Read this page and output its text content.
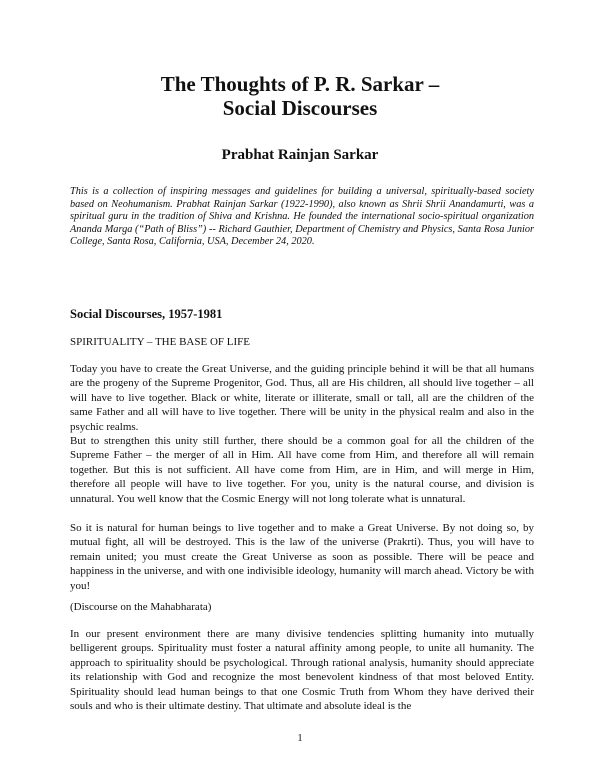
The Thoughts of P. R. Sarkar –
Social Discourses

Prabhat Rainjan Sarkar

This is a collection of inspiring messages and guidelines for building a universal, spiritually-based society based on Neohumanism. Prabhat Rainjan Sarkar (1922-1990), also known as Shrii Shrii Anandamurti, was a spiritual guru in the tradition of Shiva and Krishna. He founded the international socio-spiritual organization Ananda Marga (“Path of Bliss”) -- Richard Gauthier, Department of Chemistry and Physics, Santa Rosa Junior College, Santa Rosa, California, USA, December 24, 2020.

Social Discourses, 1957-1981

SPIRITUALITY – THE BASE OF LIFE

Today you have to create the Great Universe, and the guiding principle behind it will be that all humans are the progeny of the Supreme Progenitor, God. Thus, all are His children, all should live together – all will have to live together. Black or white, literate or illiterate, small or tall, all are the children of the same Father and all will have to live together. There will be unity in the physical realm and also in the psychic realms.

But to strengthen this unity still further, there should be a common goal for all the children of the Supreme Father – the merger of all in Him. All have come from Him, and therefore all will remain together. But this is not sufficient. All have come from Him, are in Him, and will merge in Him, therefore all people will have to live together. For you, unity is the natural course, and division is unnatural. You well know that the Cosmic Energy will not long tolerate what is unnatural.

So it is natural for human beings to live together and to make a Great Universe. By not doing so, by mutual fight, all will be destroyed. This is the law of the universe (Prakrti). Thus, you will have to remain united; you must create the Great Universe as soon as possible. There will be peace and happiness in the universe, and with one indivisible ideology, humanity will march ahead. Victory be with you!

(Discourse on the Mahabharata)

In our present environment there are many divisive tendencies splitting humanity into mutually belligerent groups. Spirituality must foster a natural affinity among people, to unite all humanity. The approach to spirituality should be psychological. Through rational analysis, humanity should appreciate its relationship with God and recognize the most benevolent kindness of that most beloved Entity. Spirituality should lead human beings to that one Cosmic Truth from Whom they have derived their souls and who is their ultimate destiny. That ultimate and absolute ideal is the

1
